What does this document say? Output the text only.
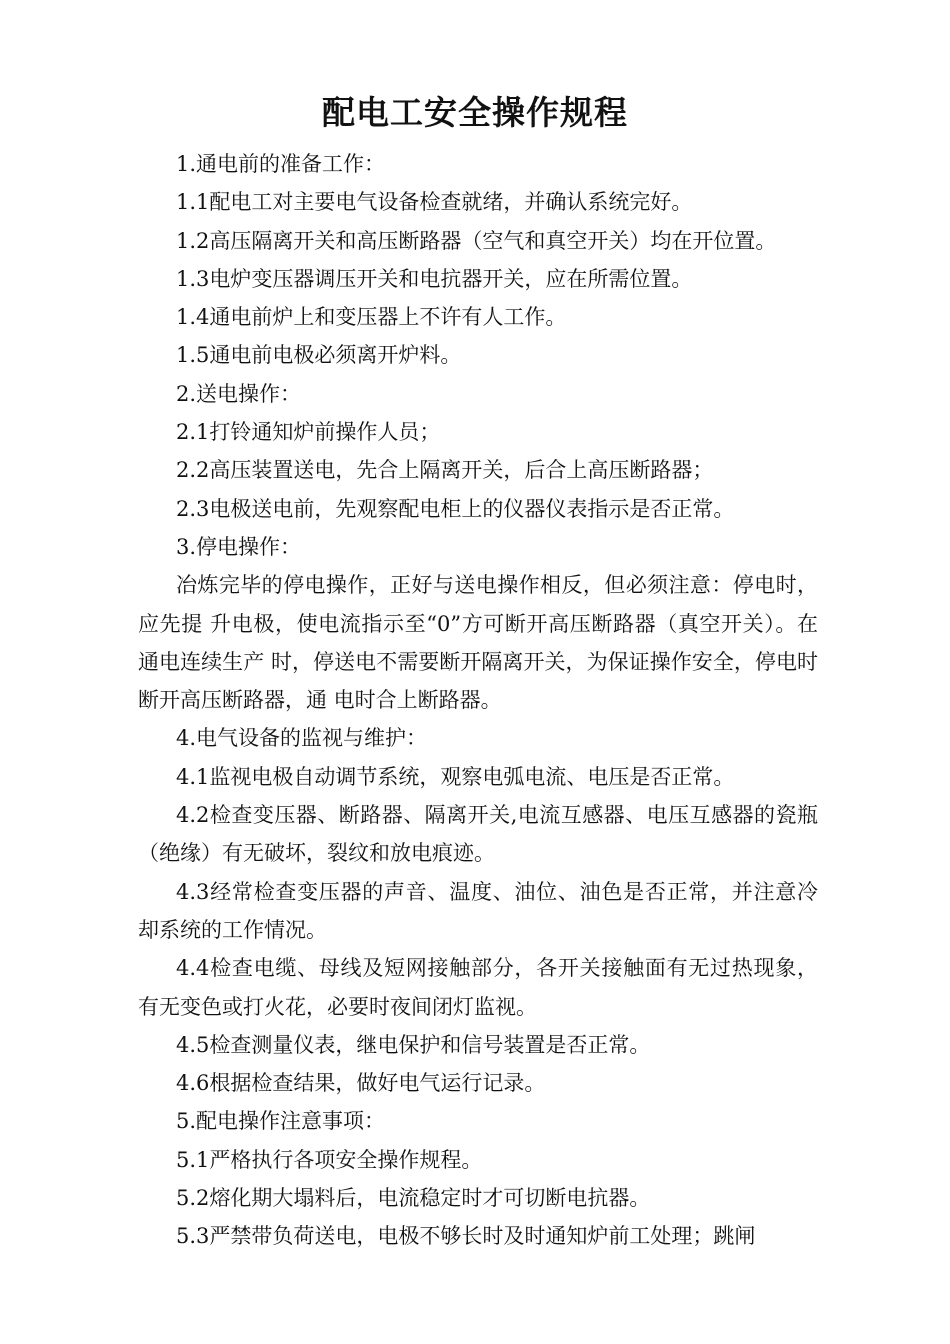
配电工安全操作规程

1.通电前的准备工作：

1.1配电工对主要电气设备检查就绪，并确认系统完好。

1.2高压隔离开关和高压断路器（空气和真空开关）均在开位置。

1.3电炉变压器调压开关和电抗器开关，应在所需位置。

1.4通电前炉上和变压器上不许有人工作。

1.5通电前电极必须离开炉料。

2.送电操作：

2.1打铃通知炉前操作人员；

2.2高压装置送电，先合上隔离开关，后合上高压断路器；

2.3电极送电前，先观察配电柜上的仪器仪表指示是否正常。

3.停电操作：

冶炼完毕的停电操作，正好与送电操作相反，但必须注意：停电时，应先提 升电极，使电流指示至“0”方可断开高压断路器（真空开关）。在通电连续生产 时，停送电不需要断开隔离开关，为保证操作安全，停电时断开高压断路器，通 电时合上断路器。

4.电气设备的监视与维护：

4.1监视电极自动调节系统，观察电弧电流、电压是否正常。

4.2检查变压器、断路器、隔离开关,电流互感器、电压互感器的瓷瓶（绝缘）有无破坏，裂纹和放电痕迹。

4.3经常检查变压器的声音、温度、油位、油色是否正常，并注意冷却系统的工作情况。

4.4检查电缆、母线及短网接触部分，各开关接触面有无过热现象，有无变色或打火花，必要时夜间闭灯监视。

4.5检查测量仪表，继电保护和信号装置是否正常。

4.6根据检查结果，做好电气运行记录。

5.配电操作注意事项：

5.1严格执行各项安全操作规程。

5.2熔化期大塌料后，电流稳定时才可切断电抗器。

5.3严禁带负荷送电，电极不够长时及时通知炉前工处理；跳闸
